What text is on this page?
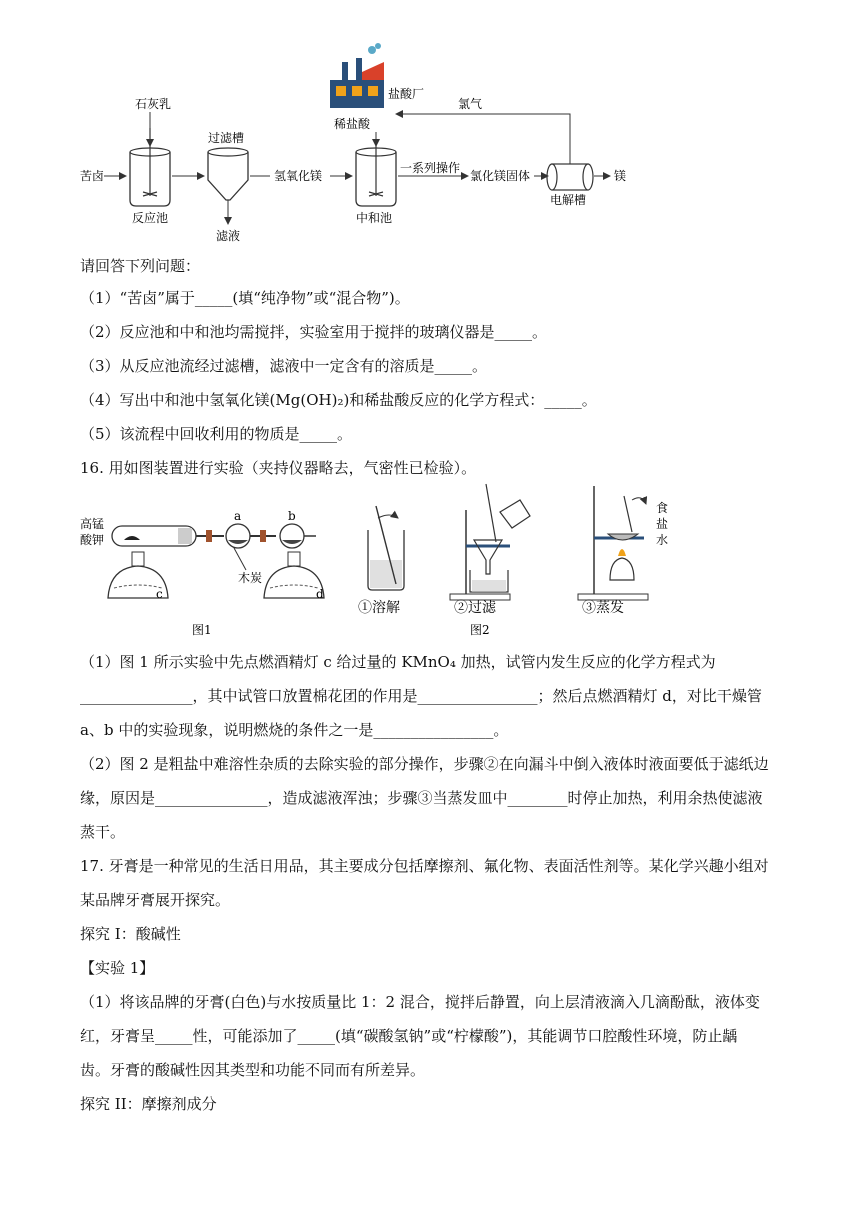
石灰乳
过滤槽
苦卤	氢氧化镁
反应池
滤液
盐酸厂
氯气
稀盐酸
一系列操作
氯化镁固体	镁
中和池
电解槽
请回答下列问题：
（1）“苦卤”属于_____(填“纯净物”或“混合物”)。
（2）反应池和中和池均需搅拌，实验室用于搅拌的玻璃仪器是_____。
（3）从反应池流经过滤槽，滤液中一定含有的溶质是_____。
（4）写出中和池中氢氧化镁(Mg(OH)₂)和稀盐酸反应的化学方程式：_____。
（5）该流程中回收利用的物质是_____。
16. 用如图装置进行实验（夹持仪器略去，气密性已检验）。
高锰
酸钾
a	b
木炭
c	d
图1
食
盐
水
①溶解	②过滤	③蒸发
图2
（1）图 1 所示实验中先点燃酒精灯 c 给过量的 KMnO₄ 加热，试管内发生反应的化学方程式为
_______________，其中试管口放置棉花团的作用是________________；然后点燃酒精灯 d，对比干燥管
a、b 中的实验现象，说明燃烧的条件之一是________________。
（2）图 2 是粗盐中难溶性杂质的去除实验的部分操作，步骤②在向漏斗中倒入液体时液面要低于滤纸边
缘，原因是_______________，造成滤液浑浊；步骤③当蒸发皿中________时停止加热，利用余热使滤液
蒸干。
17. 牙膏是一种常见的生活日用品，其主要成分包括摩擦剂、氟化物、表面活性剂等。某化学兴趣小组对
某品牌牙膏展开探究。
探究 I：酸碱性
【实验 1】
（1）将该品牌的牙膏(白色)与水按质量比 1：2 混合，搅拌后静置，向上层清液滴入几滴酚酞，液体变
红，牙膏呈_____性，可能添加了_____(填“碳酸氢钠”或“柠檬酸”)，其能调节口腔酸性环境，防止龋
齿。牙膏的酸碱性因其类型和功能不同而有所差异。
探究 II：摩擦剂成分
